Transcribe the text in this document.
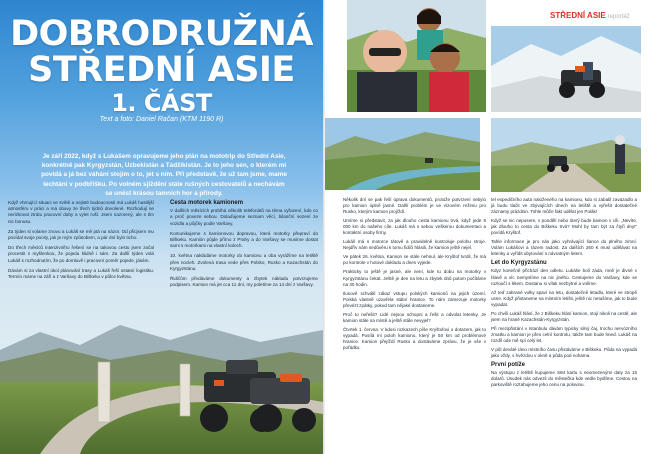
DOBRODRUŽNÁ
STŘEDNÍ ASIE
1. ČÁST
Text a foto: Daniel Račan (KTM 1190 R)
Je září 2022, když s Lukášem opravujeme jeho plán na mototrip do Střední Asie, konkrétně pak Kyrgyzstán, Uzbekistán a Tádžikistán. Je to jeho sen, o kterém mi povídá a já bez váhání stojím o to, jet s ním. Při představě, že už tam jsme, mame lechtání v podbřišku. Po volném sjíždění stále rušných cestovatelů a nechávám se unést krásou tamních hor a přírody.

Když vhrnující situaci ve světě a nejisté budoucnosti má Lukáš hustější atmosféru v práci a má obavy ze třech týdnů dovolené. Rozhodují se nerizkovat ztrátu pracovní doby a vylet ruší. Jsem nazorený, ale s tím nic bonusu.

Za týden si volame znovu a Lukáš se mě ptá na názor. Od přicjsem mu povídal svoje pocity, jak je mým způsobem, a pár dní bylo ticho.

Do třech měsíců intenzivního řešení se na takovou cestu jsem začal procestit s myšlenkou, že pojedu klidně i sám. Za další týden volá Lukáš s rozhodnutím, že po domluvě i pracovní poměr pojede, jásám.

Dávám si za vlastní úkol plánování trasy a Lukáš řeší ostatní logistiku. Termín máme na září a z Varšavy do Biškeku v půlce května.

Cesta motorek kamionem

V dalších měsících probíhá několik telefonátů na téma vyřazení, kdo co a proč poveze sebou. Dolaďujeme seznam věcí, bilanční sezení ze vozidla a půjčky podle Varšavy.

Komunikujeme s kamionovou dopravou, která motorky přepraví do Biškeku. Kamión půjde přímo z Prahy a do Varšavy se musíme dostat sami s motorkami na vlastní kolech.

10. května nakládáme motorky do kamionu a oba vyrážíme na letiště přes nocleh. Zvolená trasa vede přes Polsko, Rusko a Kazachstán do Kyrgyzstánu.

Řidičům předáváme dokumenty a zbytek nákladu potvrzujeme podpisem. Kamion má jet cca 11 dní, my poletíme za 14 dní z Varšavy.

STŘEDNÍ ASIE reportáž

Několik dní se pak řeší úprava dokumentů, protože potvrzení nebylo pro kamion úplně jasné. Další problém je ve vízovém režimu pro Rusko, kterým kamion projíždí.

Umíme si představit, za jak dlouho cesta kamionu trvá, když jede 5 000 km do našeho cíle. Lukáš má s sebou veškerou dokumentaci a kontaktní osoby firmy.

Lukáš má s motorce tátově a pravidelně kontroluje polohu stroje. Nejdřív nám nedůvěru k tomu řidiči hlásili, že kamion ještě nejel.

Ve pátek 26. května, Kamion se stále nehnul, ale Kryštof tvrdil, že má po kontrole v hotové dokladu a dnes vyjede.

Prakticky to ještě je jasné, ale není, kde tu dobu na motorky v Kyrgyzstánu čekat. Ještě je den na letu a zbytek dnů potom počítáme na 30 hodin.

Ilusově schválil zákaz vstupu polských kamionů na jejich území. Polská vlastně uzavřela státní hranice. To nám zamezuje motorky převézt zpátky, pokud tam nějaké dostaneme.

Proč to neřešit? Lidé nejsou schopni a řešit a odvolat letenky. Je kamion stále na místě a ještě stále nevyjel?

Čtvrtek 1. června. V kdosi rozkazech píše Kryštofovi o dotazem, jak to vypadá. Posílá mi poloh kamionu, který je 50 km od problémové hranice. Kamion přejíždí Rusko a dostáváme zprávu, že je vše v pořádku.

tel expedičního auta naloženého na kamionu, kdo si zabalil zavazadlo a já budu tlačit ve zbývajících dnech na letiště a vyřešit dostatečné záznamy prázdnin. Tohle může fakt udělat jen Polák!

Když se nic neposere, v pondělí nebo úterý bude kamion v cíli. „Nevíte, jak dlouho to cesta do Biškeku trvá? Mohl by tam být za čtyři dny!“ povídá Kryštof.

Tahle informace je pro nás jako vyhrávající šance do plného zimní. Volám Lukášovi a rázem radost. Za dalších 260 € musí udělávat na letenky a vyřídit ubytování s návratným letem.

Let do Kyrgyzstánu

Kdyz konečně přichází den odletu. Lukáše bolí záda, mně je divné v hlavě a víc nemyslíme na nic jiného. Cestujeme do Varšavy, kde se rozloučí s létem. Dostanu si vílak nezbytné a volíme.

Až teď zabrané volky spaví na letu, dostatečně letadlu, které ve stropě usne. Když přistaneme na místním letišti, ještě nic netušíme, jak to bude vypadat.

Po chvíli Lukáš hlásí, že z Biškeku hlásí kamion, stojí nikoli na cestě, ale jsem na hraně Kazachstán-Kyrgyzstán.

Při mezipřistání v Istanbulu dávám typicky silný čaj, trochu nervózního zmatku a kamion je přes celní kontrolu, takže tam bude hned. Lukáš na rozdíl ode mě spí celý let.

V půl deváté ráno místního času přistáváme v Biškeku. Půda na vypadá jako vždy, s hvězdou v okně a půda pod nohama.

První potíže

Na výstupu z letiště kupujeme SIM kartu s neomezenými daty za 15 dolarů. Úsudek nás odvezli do městečka kde vedle bydlíme. Cestou na parkoviště roztahujeme jeho cenu na polovinu.
